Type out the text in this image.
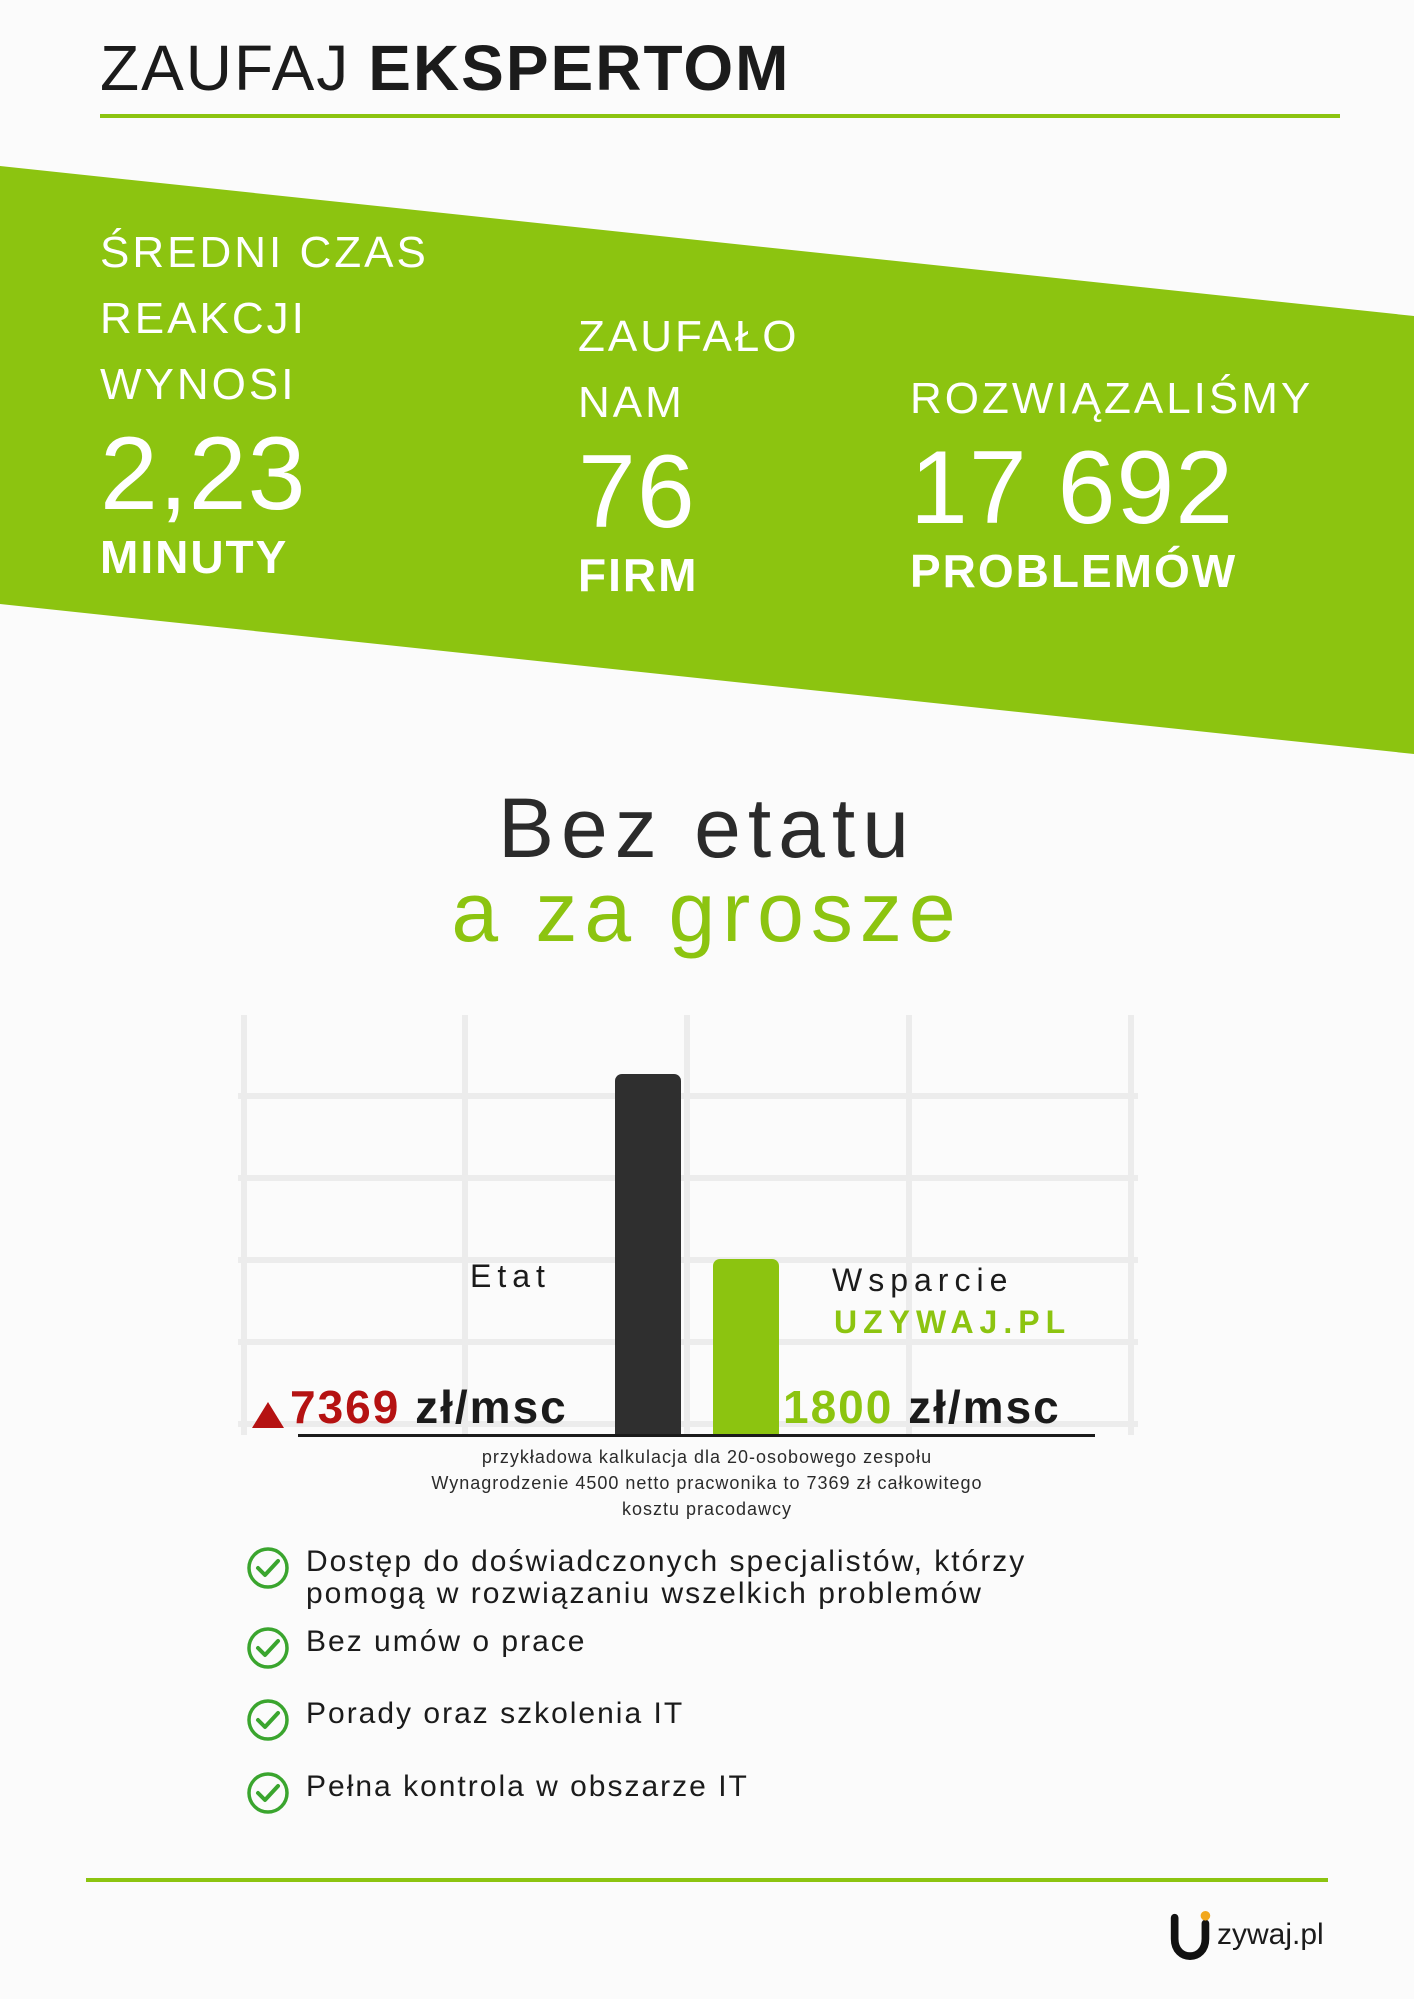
ZAUFAJ EKSPERTOM
ŚREDNI CZAS
REAKCJI
WYNOSI
2,23
MINUTY
ZAUFAŁO
NAM
76
FIRM
ROZWIĄZALIŚMY
17 692
PROBLEMÓW
Bez etatu
a za grosze
Etat	Wsparcie
UZYWAJ.PL
7369 zł/msc	1800 zł/msc
przykładowa kalkulacja dla 20-osobowego zespołu
Wynagrodzenie 4500 netto pracwonika to 7369 zł całkowitego
kosztu pracodawcy
Dostęp do doświadczonych specjalistów, którzy
pomogą w rozwiązaniu wszelkich problemów
Bez umów o prace
Porady oraz szkolenia IT
Pełna kontrola w obszarze IT
zywaj.pl
